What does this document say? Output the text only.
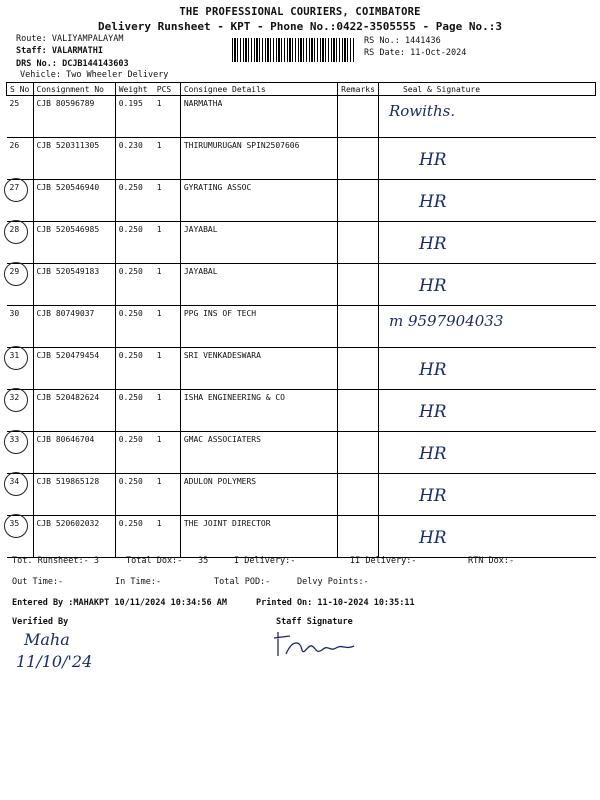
THE PROFESSIONAL COURIERS, COIMBATORE
Delivery Runsheet - KPT - Phone No.:0422-3505555 - Page No.:3
Route: VALIYAMPALAYAM
Staff: VALARMATHI
DRS No.: DCJB144143603
Vehicle: Two Wheeler Delivery
RS No.: 1441436
RS Date: 11-Oct-2024
S No	Consignment No	Weight	PCS	Consignee Details	Remarks	Seal & Signature
25	CJB 80596789	0.195	1	NARMATHA		Rowiths.

26	CJB 520311305	0.230	1	THIRUMURUGAN SPIN2507606		HR

27	CJB 520546940	0.250	1	GYRATING ASSOC		HR

28	CJB 520546985	0.250	1	JAYABAL		HR

29	CJB 520549183	0.250	1	JAYABAL		HR

30	CJB 80749037	0.250	1	PPG INS OF TECH		m 9597904033

31	CJB 520479454	0.250	1	SRI VENKADESWARA		HR

32	CJB 520482624	0.250	1	ISHA ENGINEERING & CO		HR

33	CJB 80646704	0.250	1	GMAC ASSOCIATERS		HR

34	CJB 519865128	0.250	1	ADULON POLYMERS		HR

35	CJB 520602032	0.250	1	THE JOINT DIRECTOR		HR
Tot. Runsheet:- 3	Total Dox:- 35	I Delivery:-	II Delivery:-	RTN Dox:-
Out Time:-	In Time:-	Total POD:-	Delvy Points:-
Entered By :MAHAKPT 10/11/2024 10:34:56 AM	Printed On: 11-10-2024 10:35:11
Verified By	Staff Signature
Maha
11/10/'24
